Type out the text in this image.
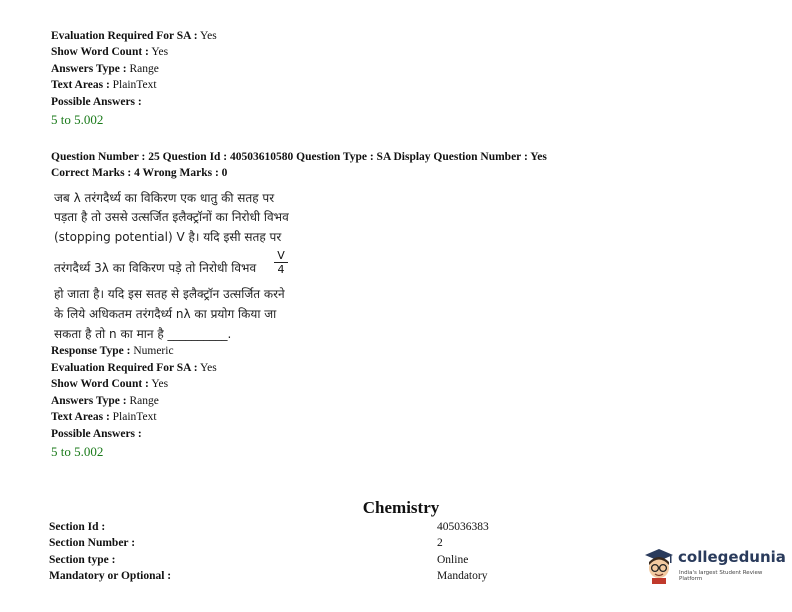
Evaluation Required For SA : Yes
Show Word Count : Yes
Answers Type : Range
Text Areas : PlainText
Possible Answers :
5 to 5.002
Question Number : 25 Question Id : 40503610580 Question Type : SA Display Question Number : Yes
Correct Marks : 4 Wrong Marks : 0
जब λ तरंगदैर्ध्य का विकिरण एक धातु की सतह पर
पड़ता है तो उससे उत्सर्जित इलैक्ट्रॉनों का निरोधी विभव
(stopping potential) V है। यदि इसी सतह पर
तरंगदैर्ध्य 3λ का विकिरण पड़े तो निरोधी विभव $\frac{V}{4}$
हो जाता है। यदि इस सतह से इलैक्ट्रॉन उत्सर्जित करने
के लिये अधिकतम तरंगदैर्ध्य nλ का प्रयोग किया जा
सकता है तो n का मान है __________.
Response Type : Numeric
Evaluation Required For SA : Yes
Show Word Count : Yes
Answers Type : Range
Text Areas : PlainText
Possible Answers :
5 to 5.002
Chemistry
Section Id :	405036383
Section Number :	2
Section type :	Online
Mandatory or Optional :	Mandatory
collegedunia
India's largest Student Review Platform
